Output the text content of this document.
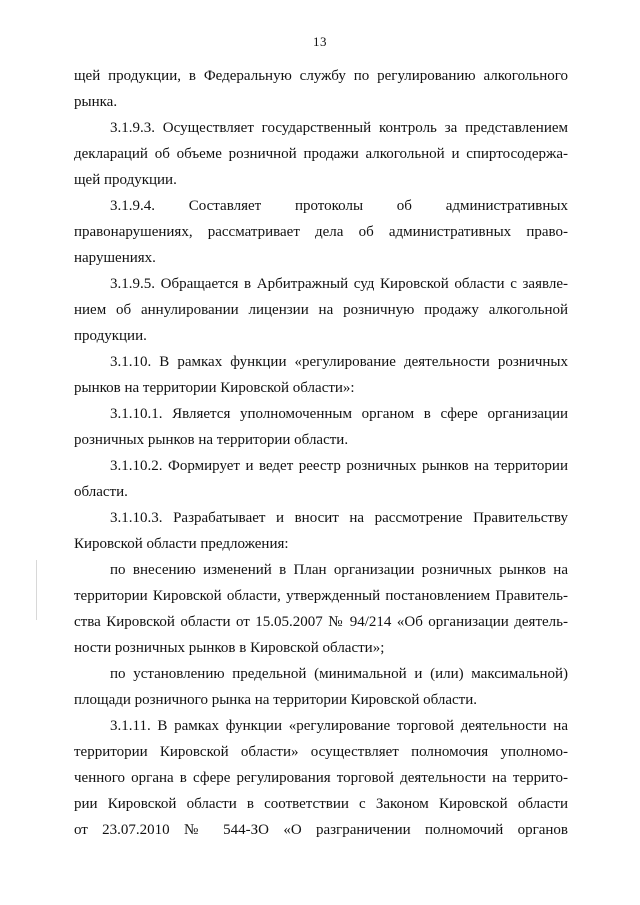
13
щей продукции, в Федеральную службу по регулированию алкогольного
рынка.
3.1.9.3. Осуществляет государственный контроль за представлением
деклараций об объеме розничной продажи алкогольной и спиртосодержа-
щей продукции.
3.1.9.4. Составляет протоколы об административных
правонарушениях, рассматривает дела об административных право-
нарушениях.
3.1.9.5. Обращается в Арбитражный суд Кировской области с заявле-
нием об аннулировании лицензии на розничную продажу алкогольной
продукции.
3.1.10. В рамках функции «регулирование деятельности розничных
рынков на территории Кировской области»:
3.1.10.1. Является уполномоченным органом в сфере организации
розничных рынков на территории области.
3.1.10.2. Формирует и ведет реестр розничных рынков на территории
области.
3.1.10.3. Разрабатывает и вносит на рассмотрение Правительству
Кировской области предложения:
по внесению изменений в План организации розничных рынков на
территории Кировской области, утвержденный постановлением Правитель-
ства Кировской области от 15.05.2007 № 94/214 «Об организации деятель-
ности розничных рынков в Кировской области»;
по установлению предельной (минимальной и (или) максимальной)
площади розничного рынка на территории Кировской области.
3.1.11. В рамках функции «регулирование торговой деятельности на
территории Кировской области» осуществляет полномочия уполномо-
ченного органа в сфере регулирования торговой деятельности на террито-
рии Кировской области в соответствии с Законом Кировской области
от 23.07.2010 № 544-ЗО «О разграничении полномочий органов
